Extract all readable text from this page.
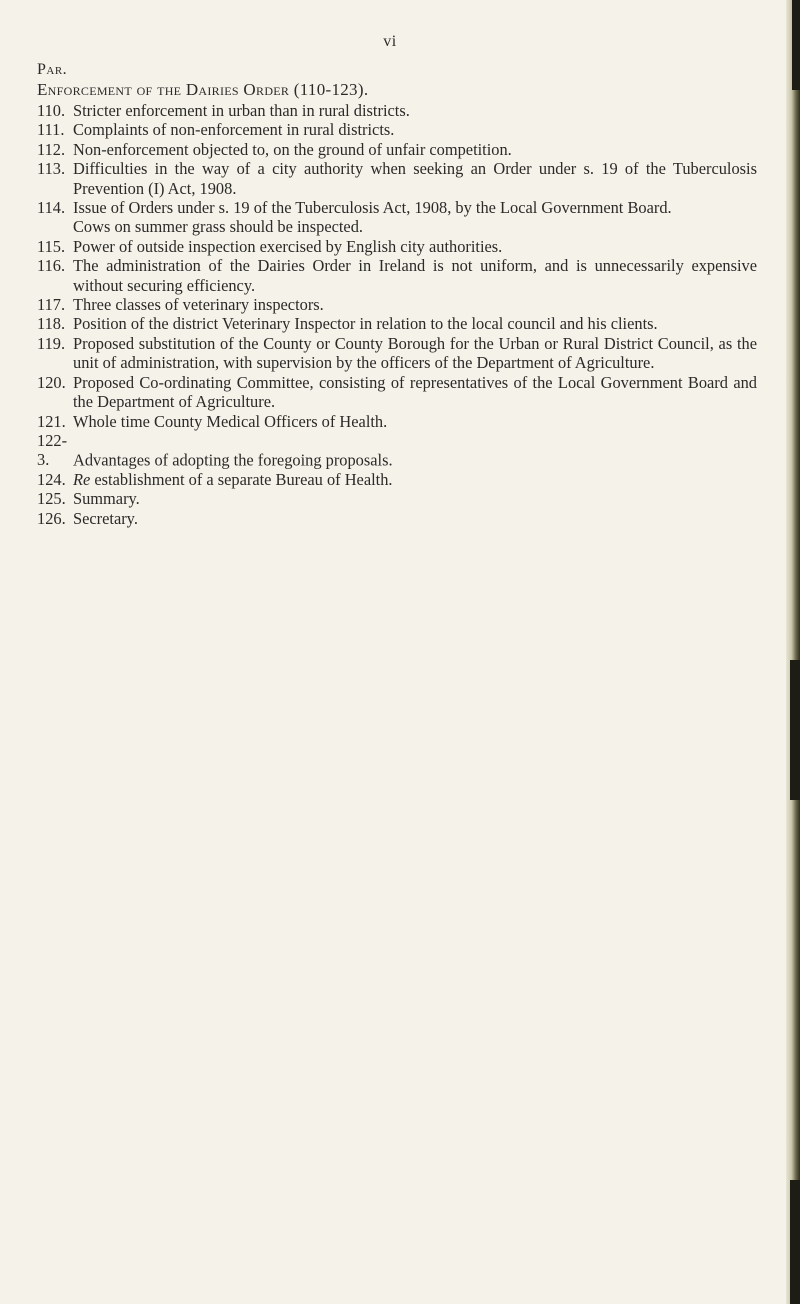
vi
Par.
Enforcement of the Dairies Order (110-123).
110. Stricter enforcement in urban than in rural districts.
111. Complaints of non-enforcement in rural districts.
112. Non-enforcement objected to, on the ground of unfair competition.
113. Difficulties in the way of a city authority when seeking an Order under s. 19 of the Tuberculosis Prevention (I) Act, 1908.
114. Issue of Orders under s. 19 of the Tuberculosis Act, 1908, by the Local Government Board.
Cows on summer grass should be inspected.
115. Power of outside inspection exercised by English city authorities.
116. The administration of the Dairies Order in Ireland is not uniform, and is unnecessarily expensive without securing efficiency.
117. Three classes of veterinary inspectors.
118. Position of the district Veterinary Inspector in relation to the local council and his clients.
119. Proposed substitution of the County or County Borough for the Urban or Rural District Council, as the unit of administration, with supervision by the officers of the Department of Agriculture.
120. Proposed Co-ordinating Committee, consisting of representatives of the Local Government Board and the Department of Agriculture.
121. Whole time County Medical Officers of Health.
122-3. Advantages of adopting the foregoing proposals.
124. Re establishment of a separate Bureau of Health.
125. Summary.
126. Secretary.
